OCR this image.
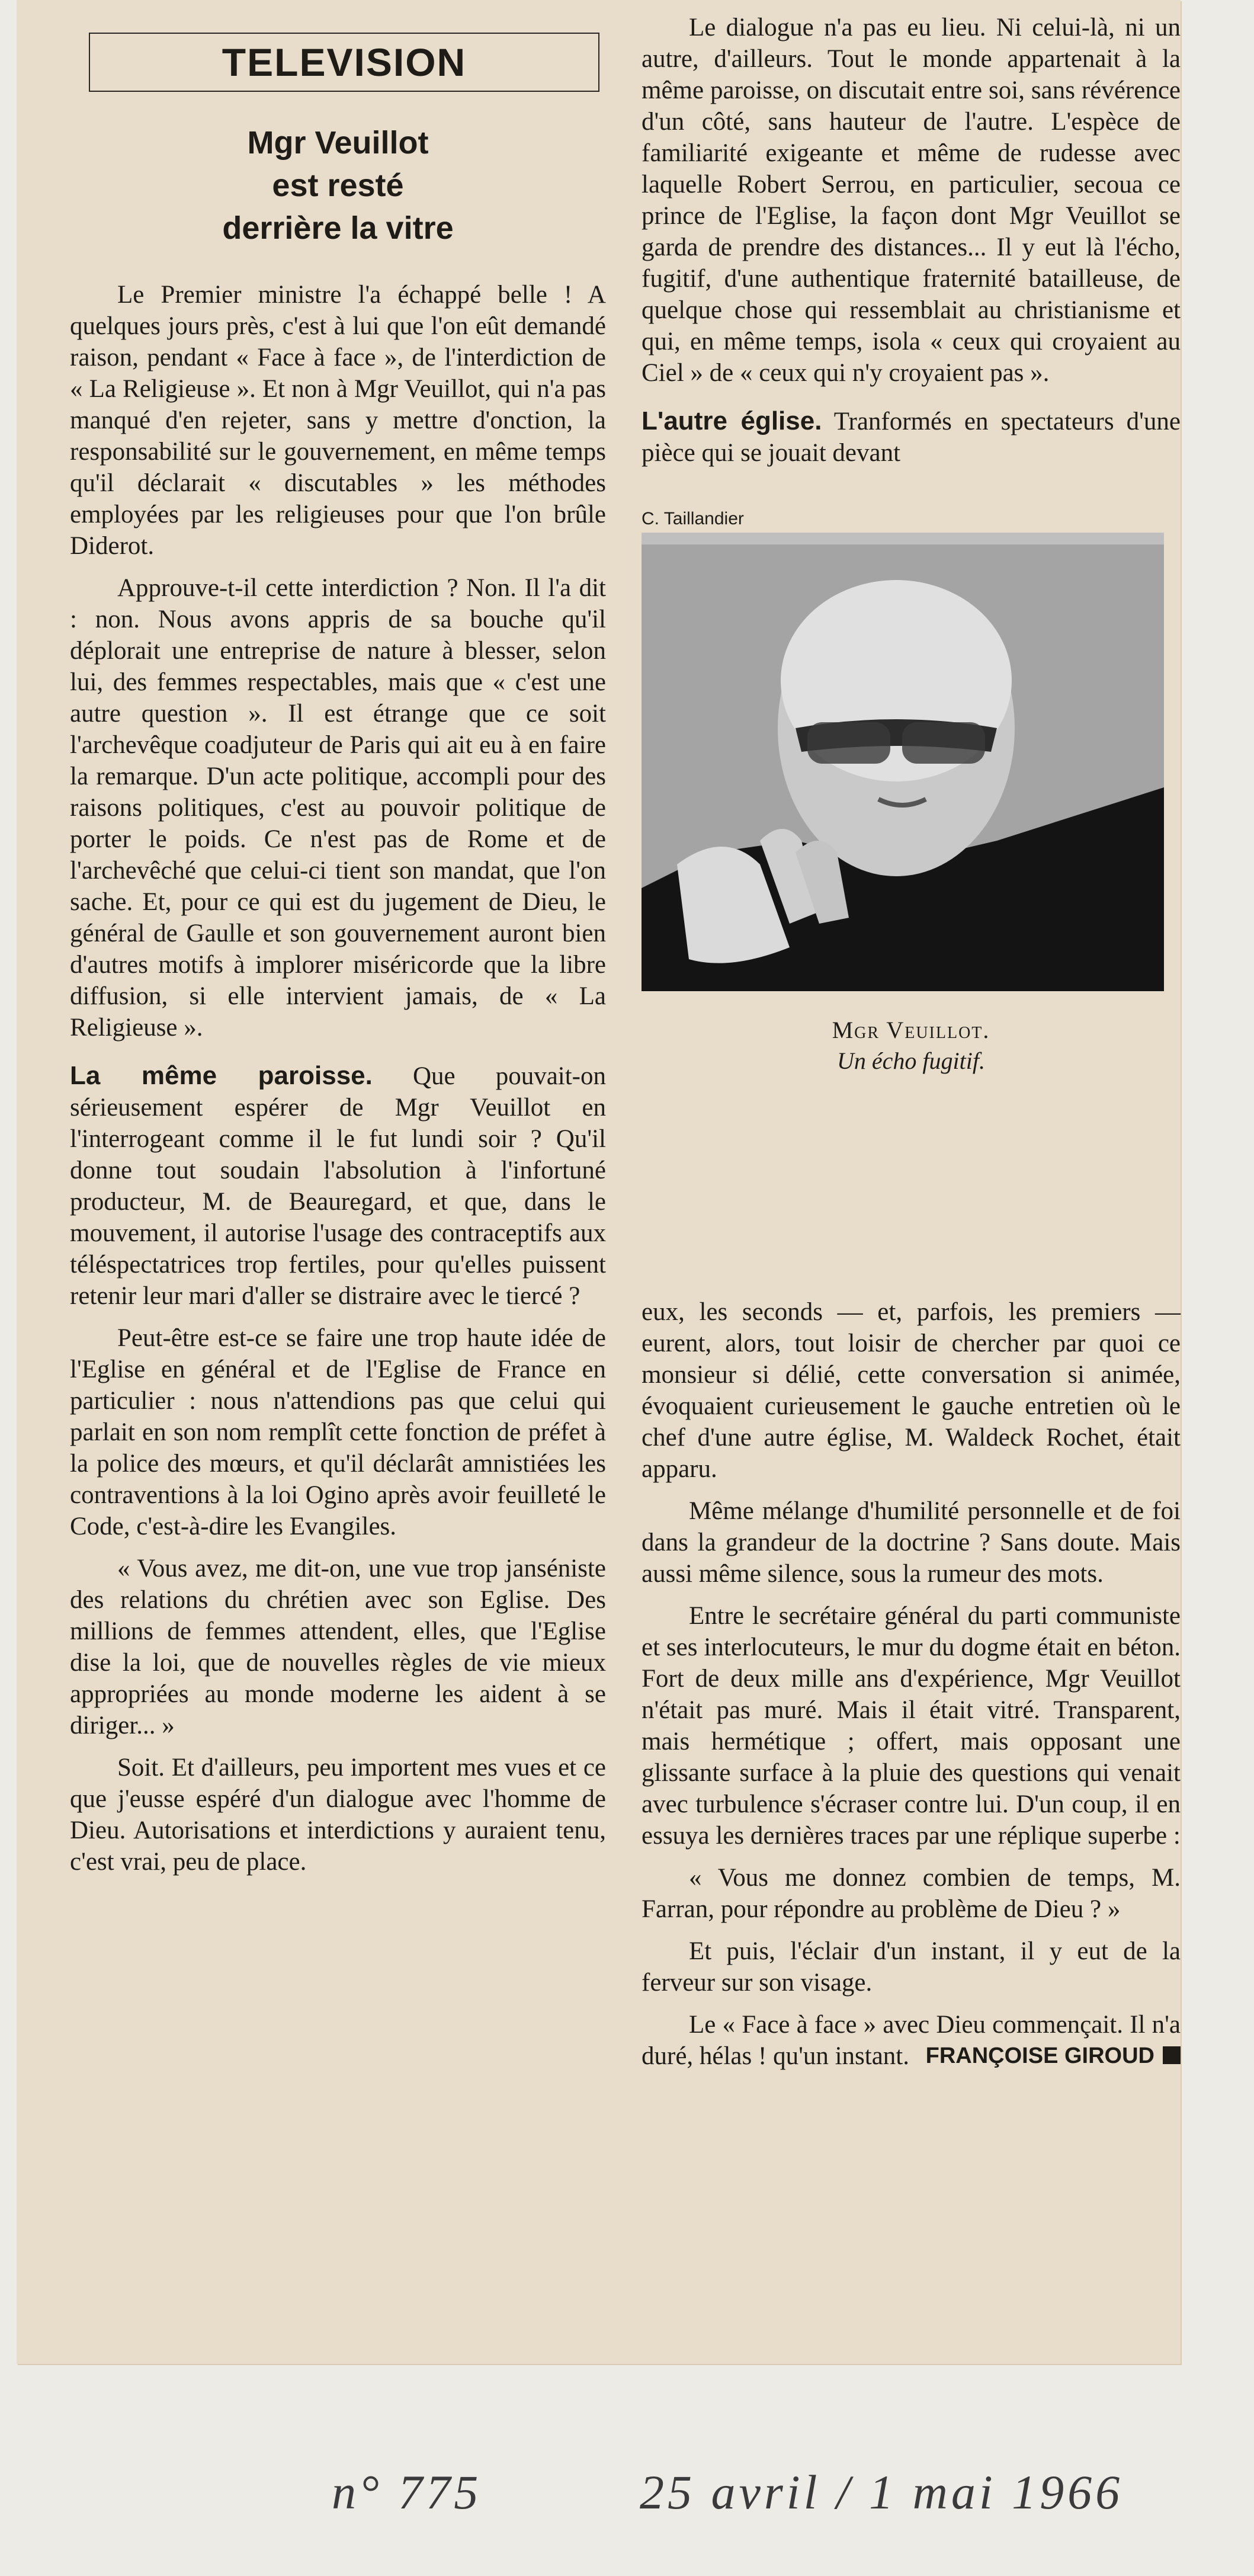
TELEVISION
Mgr Veuillot
est resté
derrière la vitre

Le Premier ministre l'a échappé belle ! A quelques jours près, c'est à lui que l'on eût demandé raison, pendant « Face à face », de l'interdiction de « La Religieuse ». Et non à Mgr Veuillot, qui n'a pas manqué d'en rejeter, sans y mettre d'onction, la responsabilité sur le gouvernement, en même temps qu'il déclarait « discutables » les méthodes employées par les religieuses pour que l'on brûle Diderot.

Approuve-t-il cette interdiction ? Non. Il l'a dit : non. Nous avons appris de sa bouche qu'il déplorait une entreprise de nature à blesser, selon lui, des femmes respectables, mais que « c'est une autre question ». Il est étrange que ce soit l'archevêque coadjuteur de Paris qui ait eu à en faire la remarque. D'un acte politique, accompli pour des raisons politiques, c'est au pouvoir politique de porter le poids. Ce n'est pas de Rome et de l'archevêché que celui-ci tient son mandat, que l'on sache. Et, pour ce qui est du jugement de Dieu, le général de Gaulle et son gouvernement auront bien d'autres motifs à implorer miséricorde que la libre diffusion, si elle intervient jamais, de « La Religieuse ».

La même paroisse. Que pouvait-on sérieusement espérer de Mgr Veuillot en l'interrogeant comme il le fut lundi soir ? Qu'il donne tout soudain l'absolution à l'infortuné producteur, M. de Beauregard, et que, dans le mouvement, il autorise l'usage des contraceptifs aux téléspectatrices trop fertiles, pour qu'elles puissent retenir leur mari d'aller se distraire avec le tiercé ?

Peut-être est-ce se faire une trop haute idée de l'Eglise en général et de l'Eglise de France en particulier : nous n'attendions pas que celui qui parlait en son nom remplît cette fonction de préfet à la police des mœurs, et qu'il déclarât amnistiées les contraventions à la loi Ogino après avoir feuilleté le Code, c'est-à-dire les Evangiles.

« Vous avez, me dit-on, une vue trop janséniste des relations du chrétien avec son Eglise. Des millions de femmes attendent, elles, que l'Eglise dise la loi, que de nouvelles règles de vie mieux appropriées au monde moderne les aident à se diriger... »

Soit. Et d'ailleurs, peu importent mes vues et ce que j'eusse espéré d'un dialogue avec l'homme de Dieu. Autorisations et interdictions y auraient tenu, c'est vrai, peu de place.

Le dialogue n'a pas eu lieu. Ni celui-là, ni un autre, d'ailleurs. Tout le monde appartenait à la même paroisse, on discutait entre soi, sans révérence d'un côté, sans hauteur de l'autre. L'espèce de familiarité exigeante et même de rudesse avec laquelle Robert Serrou, en particulier, secoua ce prince de l'Eglise, la façon dont Mgr Veuillot se garda de prendre des distances... Il y eut là l'écho, fugitif, d'une authentique fraternité batailleuse, de quelque chose qui ressemblait au christianisme et qui, en même temps, isola « ceux qui croyaient au Ciel » de « ceux qui n'y croyaient pas ».

L'autre église. Tranformés en spectateurs d'une pièce qui se jouait devant

C. Taillandier
Mgr Veuillot.
Un écho fugitif.

eux, les seconds — et, parfois, les premiers — eurent, alors, tout loisir de chercher par quoi ce monsieur si délié, cette conversation si animée, évoquaient curieusement le gauche entretien où le chef d'une autre église, M. Waldeck Rochet, était apparu.

Même mélange d'humilité personnelle et de foi dans la grandeur de la doctrine ? Sans doute. Mais aussi même silence, sous la rumeur des mots.

Entre le secrétaire général du parti communiste et ses interlocuteurs, le mur du dogme était en béton. Fort de deux mille ans d'expérience, Mgr Veuillot n'était pas muré. Mais il était vitré. Transparent, mais hermétique ; offert, mais opposant une glissante surface à la pluie des questions qui venait avec turbulence s'écraser contre lui. D'un coup, il en essuya les dernières traces par une réplique superbe :

« Vous me donnez combien de temps, M. Farran, pour répondre au problème de Dieu ? »

Et puis, l'éclair d'un instant, il y eut de la ferveur sur son visage.

Le « Face à face » avec Dieu commençait. Il n'a duré, hélas ! qu'un instant. FRANÇOISE GIROUD
n° 775	25 avril / 1 mai 1966
